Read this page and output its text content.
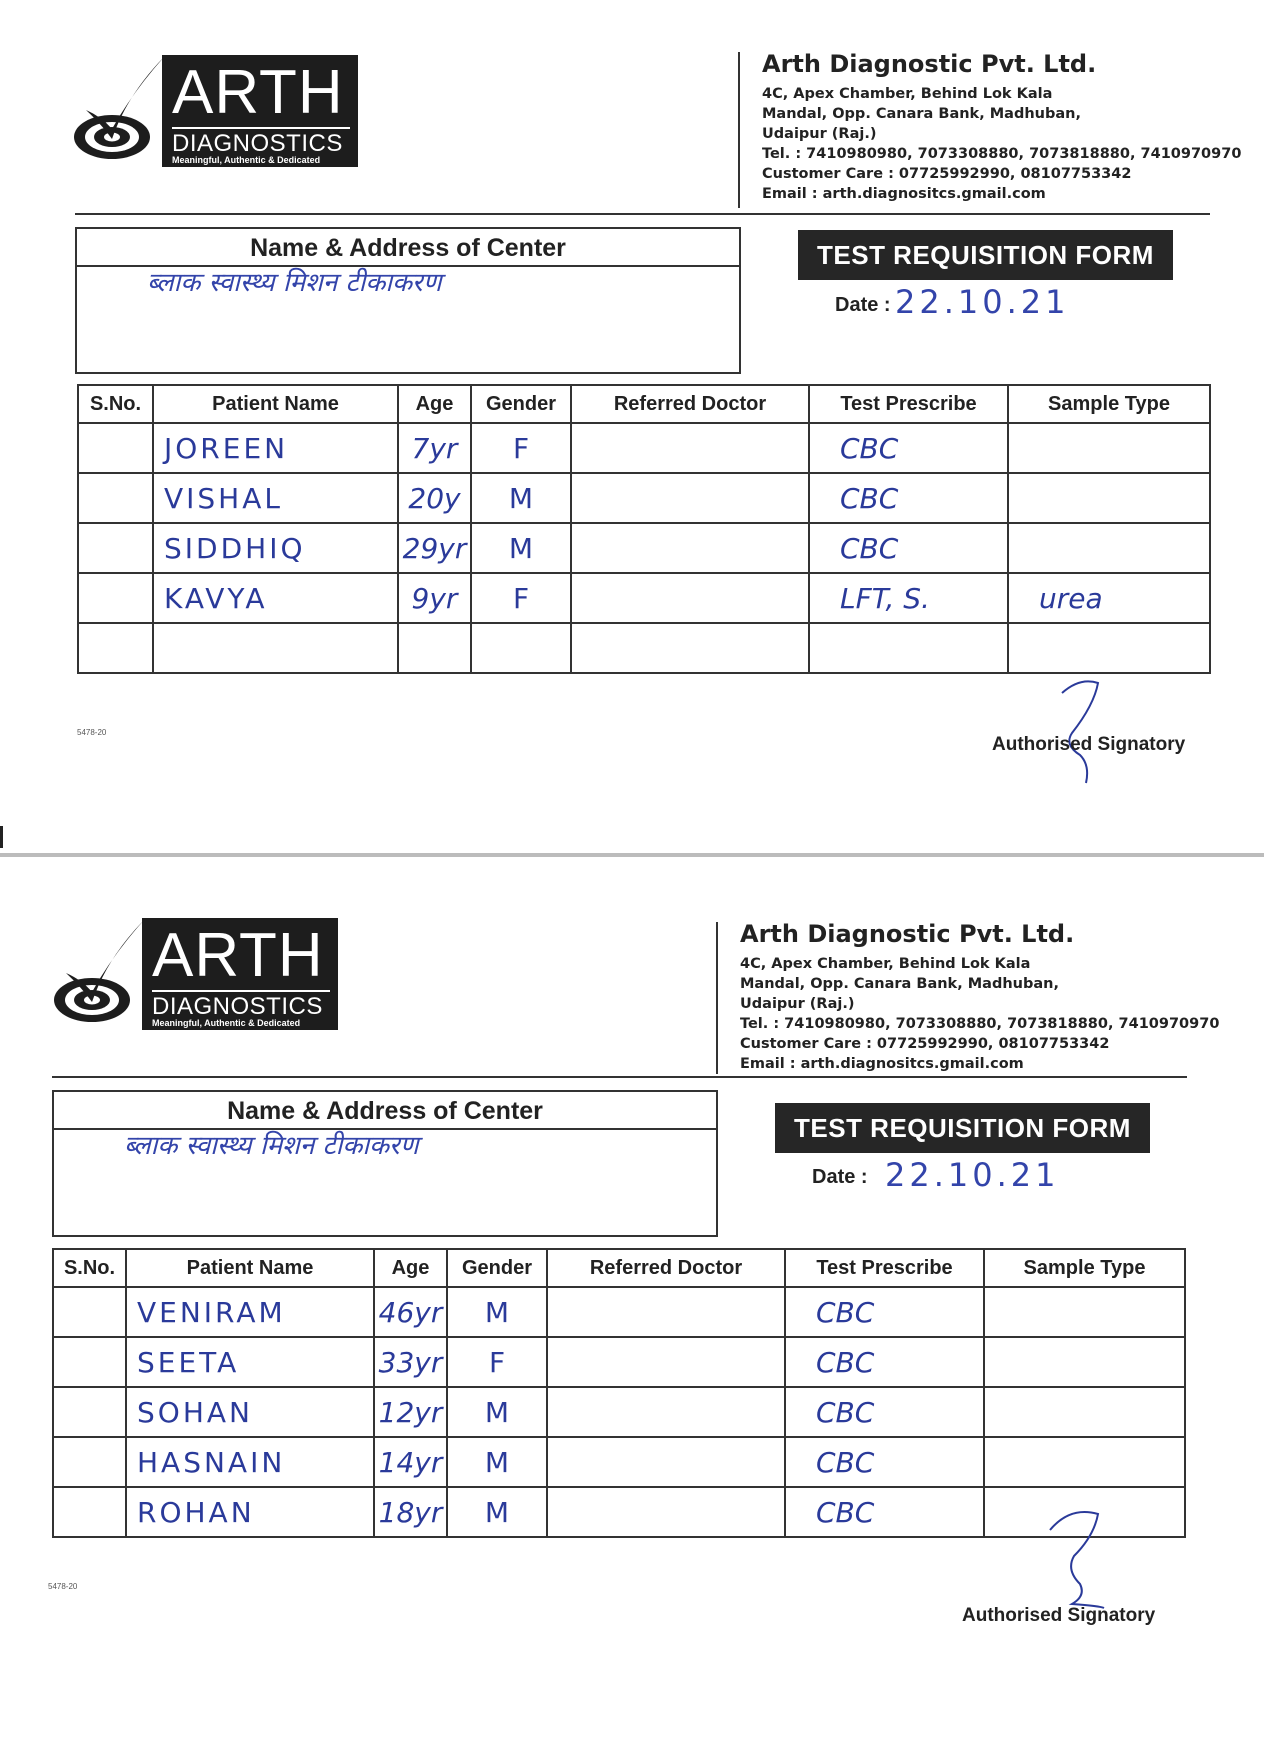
ARTH
DIAGNOSTICS
Meaningful, Authentic & Dedicated
Arth Diagnostic Pvt. Ltd.
4C, Apex Chamber, Behind Lok Kala
Mandal, Opp. Canara Bank, Madhuban,
Udaipur (Raj.)
Tel. : 7410980980, 7073308880, 7073818880, 7410970970
Customer Care : 07725992990, 08107753342
Email : arth.diagnositcs.gmail.com
Name & Address of Center
ब्लाक स्वास्थ्य मिशन टीकाकरण
TEST REQUISITION FORM
Date : 22.10.21
S.No.	Patient Name	Age	Gender	Referred Doctor	Test Prescribe	Sample Type
	JOREEN	7yr	F		CBC	
	VISHAL	20y	M		CBC	
	SIDDHIQ	29yr	M		CBC	
	KAVYA	9yr	F		LFT, S.	urea

5478-20
Authorised Signatory
ARTH
DIAGNOSTICS
Meaningful, Authentic & Dedicated
Arth Diagnostic Pvt. Ltd.
4C, Apex Chamber, Behind Lok Kala
Mandal, Opp. Canara Bank, Madhuban,
Udaipur (Raj.)
Tel. : 7410980980, 7073308880, 7073818880, 7410970970
Customer Care : 07725992990, 08107753342
Email : arth.diagnositcs.gmail.com
Name & Address of Center
ब्लाक स्वास्थ्य मिशन टीकाकरण
TEST REQUISITION FORM
Date : 22.10.21
S.No.	Patient Name	Age	Gender	Referred Doctor	Test Prescribe	Sample Type
	VENIRAM	46yr	M		CBC	
	SEETA	33yr	F		CBC	
	SOHAN	12yr	M		CBC	
	HASNAIN	14yr	M		CBC	
	ROHAN	18yr	M		CBC	
5478-20
Authorised Signatory
